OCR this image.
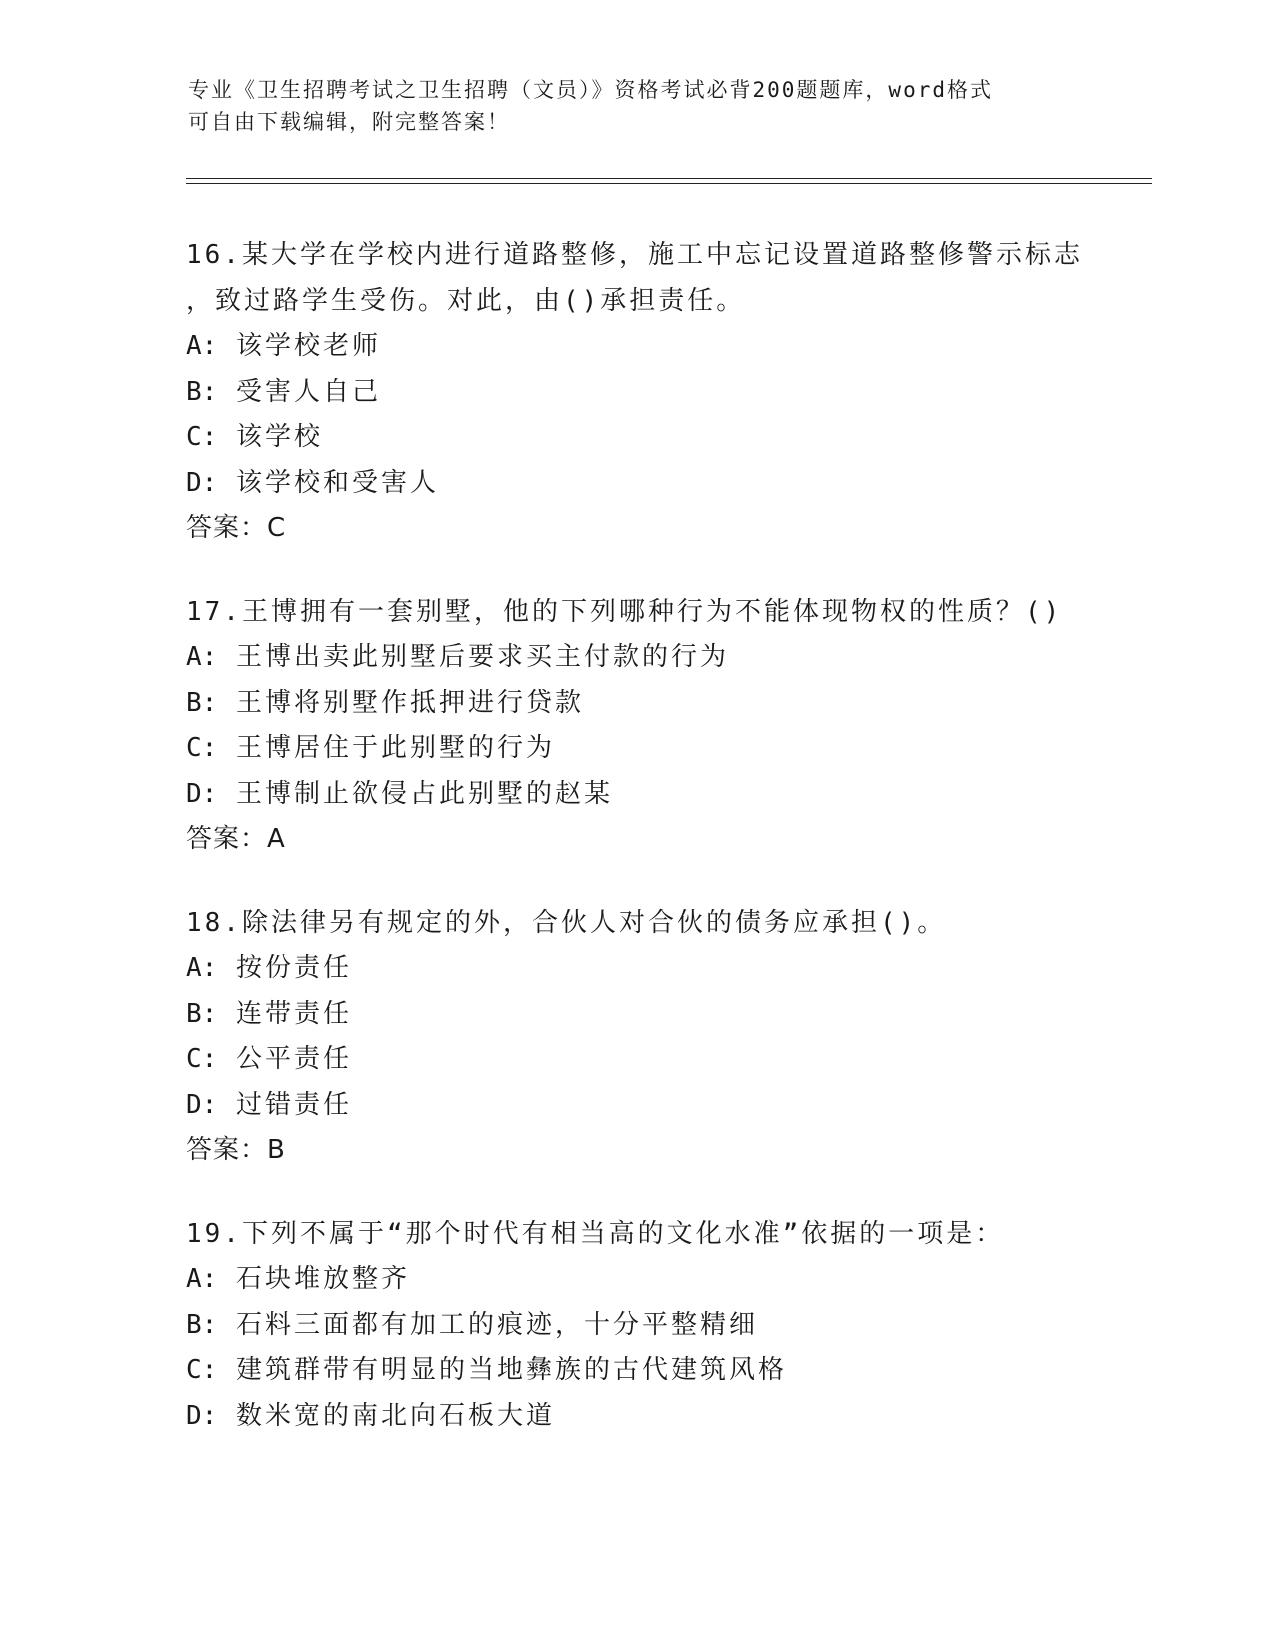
专业《卫生招聘考试之卫生招聘（文员）》资格考试必背200题题库，word格式
可自由下载编辑，附完整答案！
16.某大学在学校内进行道路整修，施工中忘记设置道路整修警示标志
，致过路学生受伤。对此，由()承担责任。
A: 该学校老师
B: 受害人自己
C: 该学校
D: 该学校和受害人
答案：C
17.王博拥有一套别墅，他的下列哪种行为不能体现物权的性质？()
A: 王博出卖此别墅后要求买主付款的行为
B: 王博将别墅作抵押进行贷款
C: 王博居住于此别墅的行为
D: 王博制止欲侵占此别墅的赵某
答案：A
18.除法律另有规定的外，合伙人对合伙的债务应承担()。
A: 按份责任
B: 连带责任
C: 公平责任
D: 过错责任
答案：B
19.下列不属于“那个时代有相当高的文化水准”依据的一项是：
A: 石块堆放整齐
B: 石料三面都有加工的痕迹，十分平整精细
C: 建筑群带有明显的当地彝族的古代建筑风格
D: 数米宽的南北向石板大道
